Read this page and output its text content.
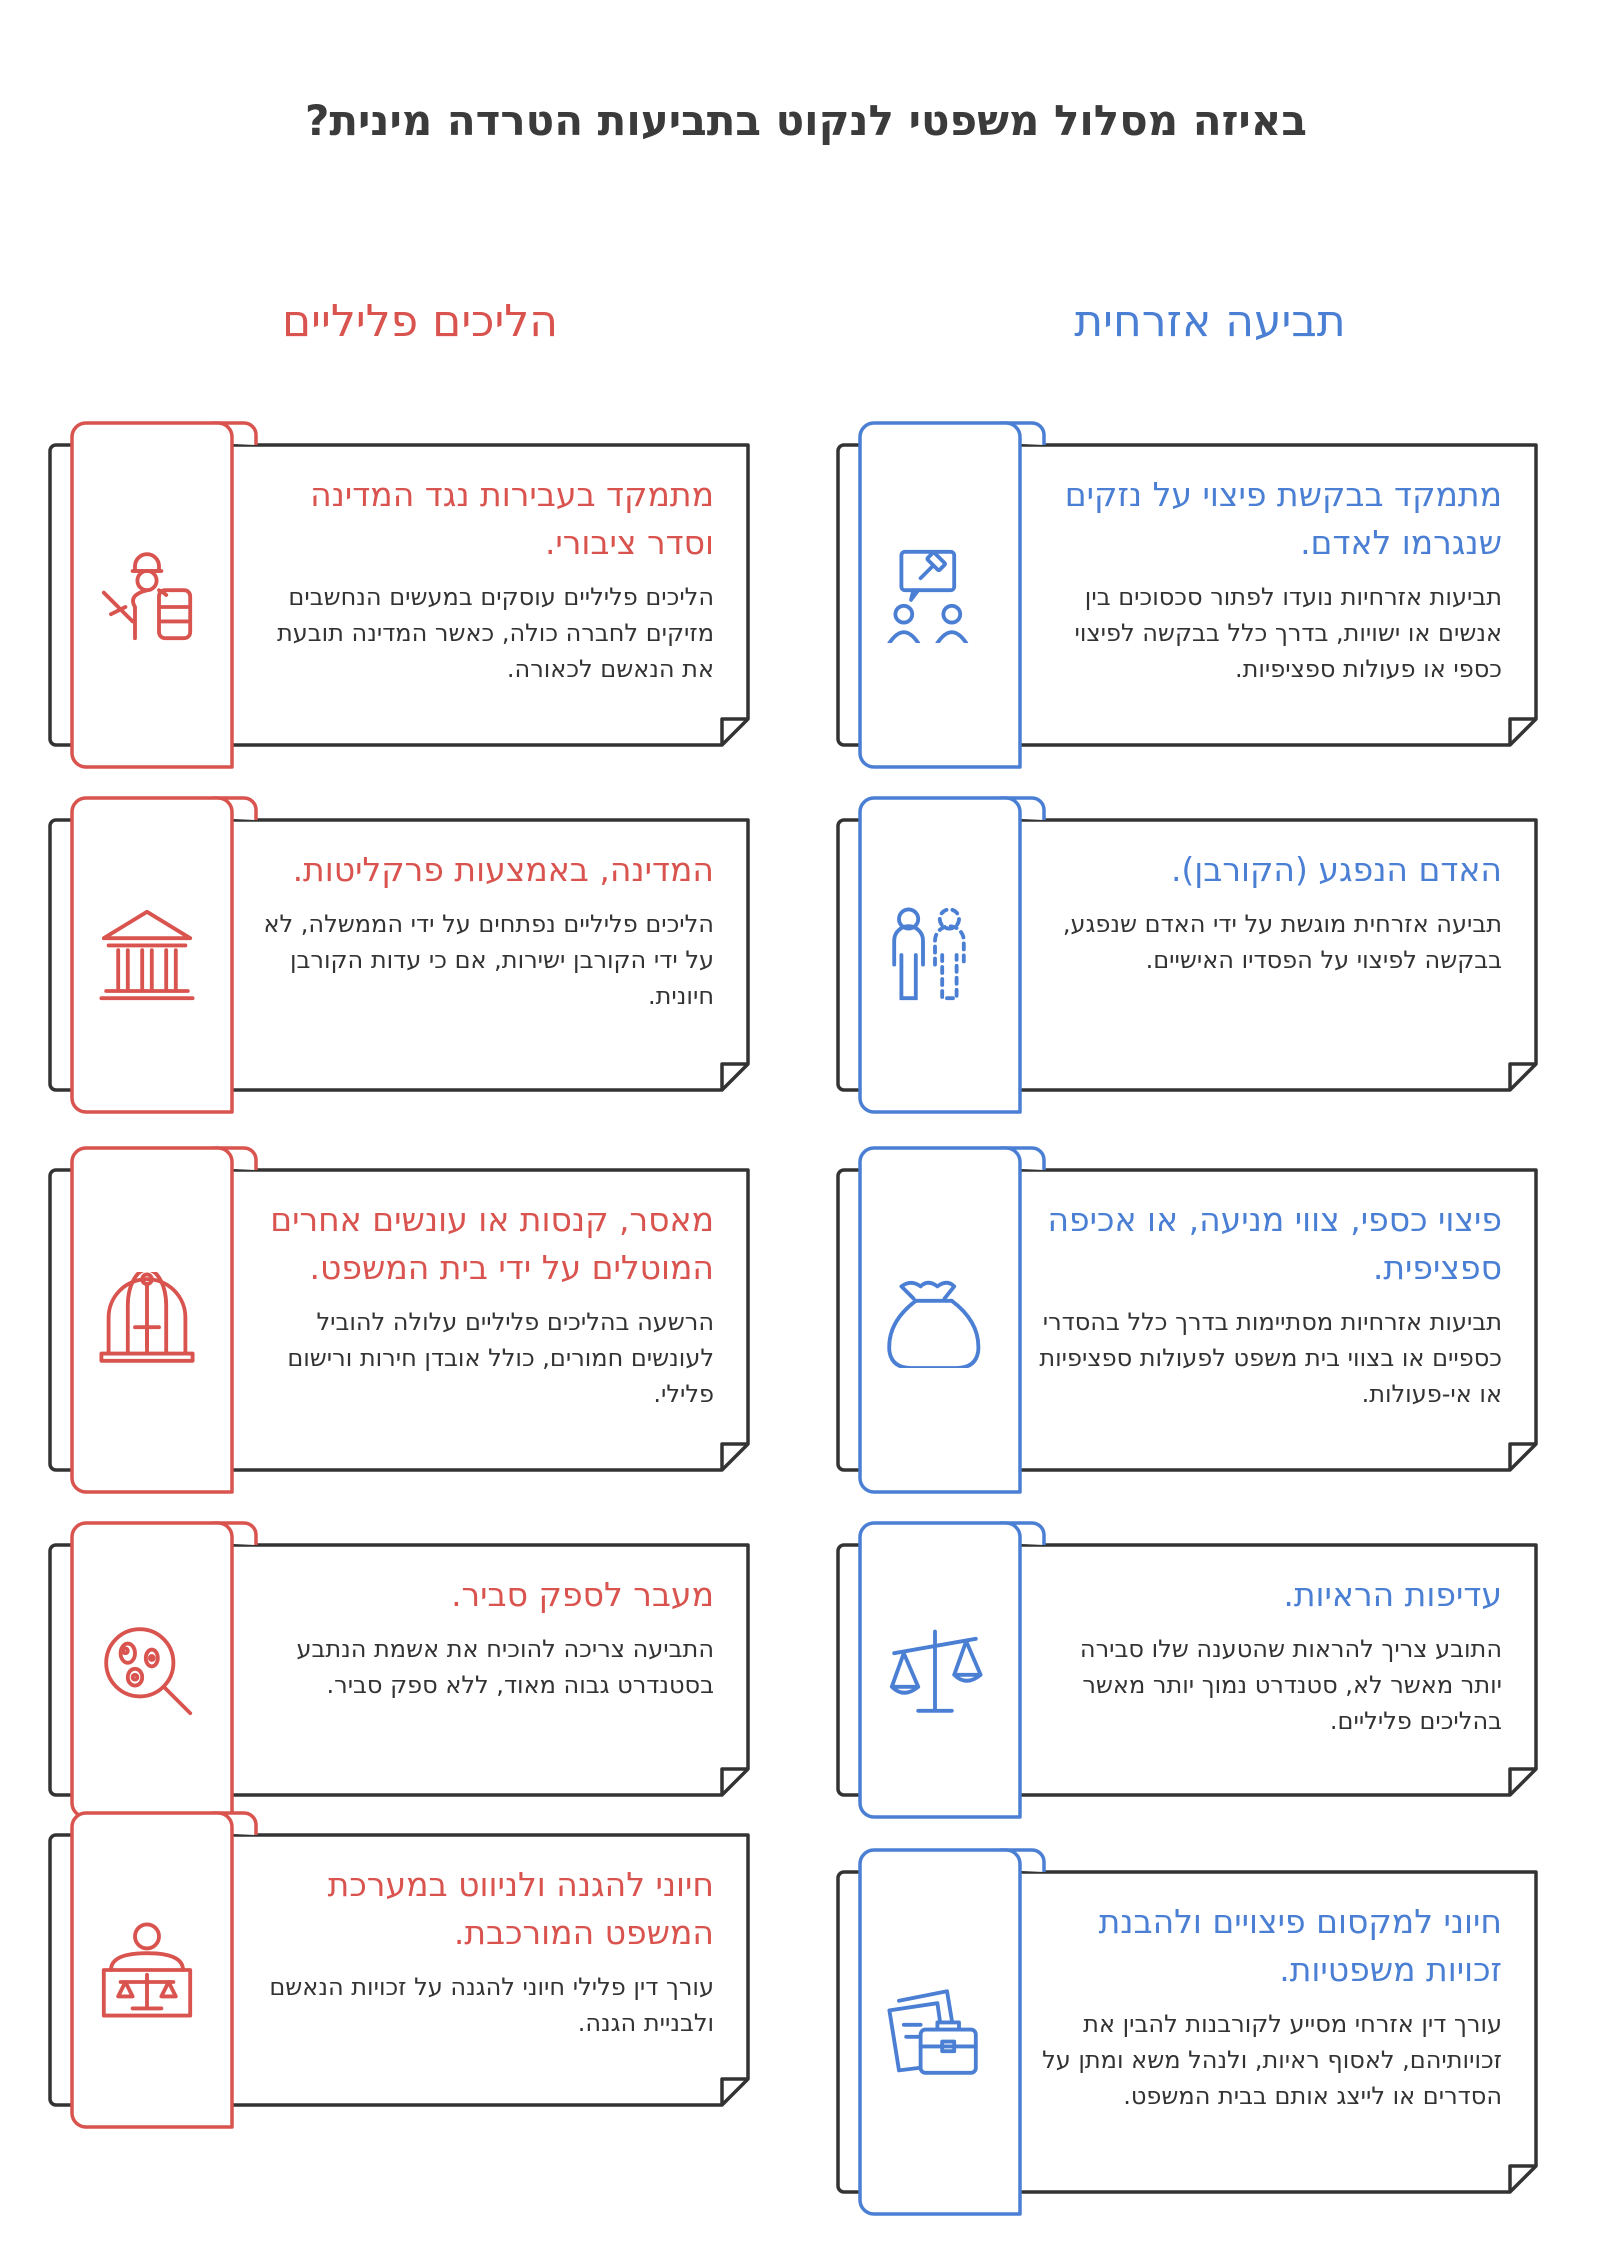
באיזה מסלול משפטי לנקוט בתביעות הטרדה מינית?
תביעה אזרחית
הליכים פליליים
מתמקד בבקשת פיצוי על נזקים שנגרמו לאדם.
תביעות אזרחיות נועדו לפתור סכסוכים בין אנשים או ישויות, בדרך כלל בבקשה לפיצוי כספי או פעולות ספציפיות.
האדם הנפגע (הקורבן).
תביעה אזרחית מוגשת על ידי האדם שנפגע, בבקשה לפיצוי על הפסדיו האישיים.
פיצוי כספי, צווי מניעה, או אכיפה ספציפית.
תביעות אזרחיות מסתיימות בדרך כלל בהסדרי כספיים או בצווי בית משפט לפעולות ספציפיות או אי-פעולות.
עדיפות הראיות.
התובע צריך להראות שהטענה שלו סבירה יותר מאשר לא, סטנדרט נמוך יותר מאשר בהליכים פליליים.
חיוני למקסום פיצויים ולהבנת זכויות משפטיות.
עורך דין אזרחי מסייע לקורבנות להבין את זכויותיהם, לאסוף ראיות, ולנהל משא ומתן על הסדרים או לייצג אותם בבית המשפט.
מתמקד בעבירות נגד המדינה וסדר ציבורי.
הליכים פליליים עוסקים במעשים הנחשבים מזיקים לחברה כולה, כאשר המדינה תובעת את הנאשם לכאורה.
המדינה, באמצעות פרקליטות.
הליכים פליליים נפתחים על ידי הממשלה, לא על ידי הקורבן ישירות, אם כי עדות הקורבן חיונית.
מאסר, קנסות או עונשים אחרים המוטלים על ידי בית המשפט.
הרשעה בהליכים פליליים עלולה להוביל לעונשים חמורים, כולל אובדן חירות ורישום פלילי.
מעבר לספק סביר.
התביעה צריכה להוכיח את אשמת הנתבע בסטנדרט גבוה מאוד, ללא ספק סביר.
חיוני להגנה ולניווט במערכת המשפט המורכבת.
עורך דין פלילי חיוני להגנה על זכויות הנאשם ולבניית הגנה.
